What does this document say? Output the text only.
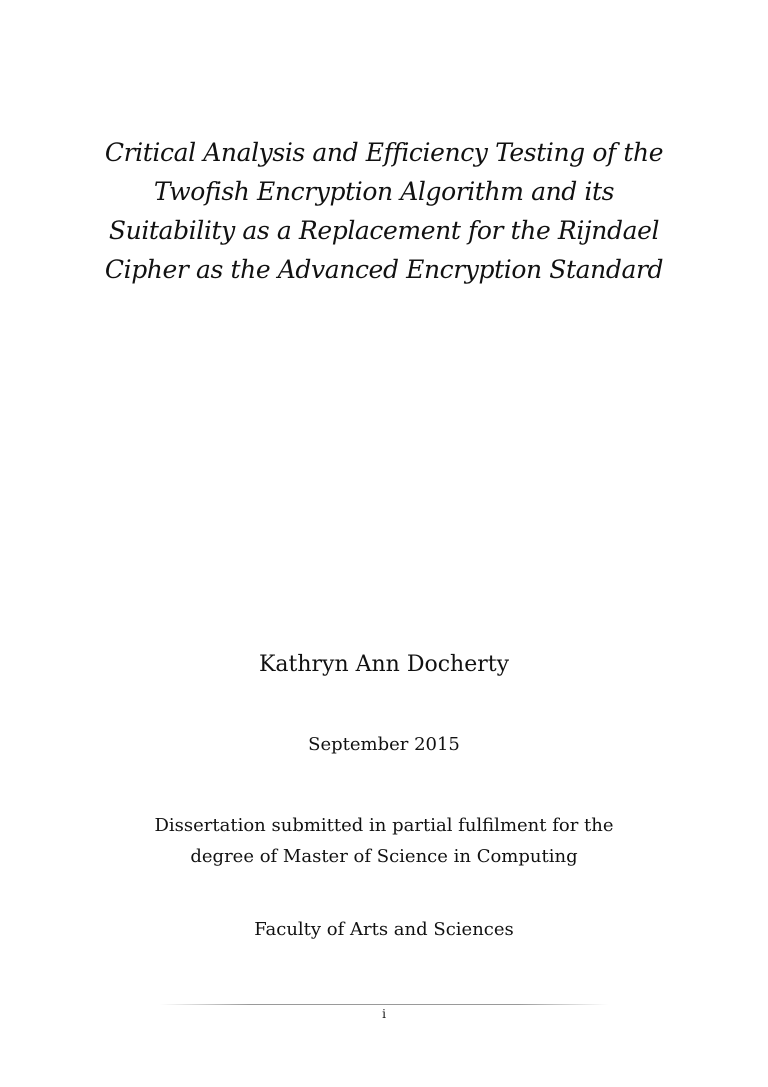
Critical Analysis and Efficiency Testing of the
Twofish Encryption Algorithm and its
Suitability as a Replacement for the Rijndael
Cipher as the Advanced Encryption Standard
Kathryn Ann Docherty
September 2015
Dissertation submitted in partial fulfilment for the
degree of Master of Science in Computing
Faculty of Arts and Sciences
i
